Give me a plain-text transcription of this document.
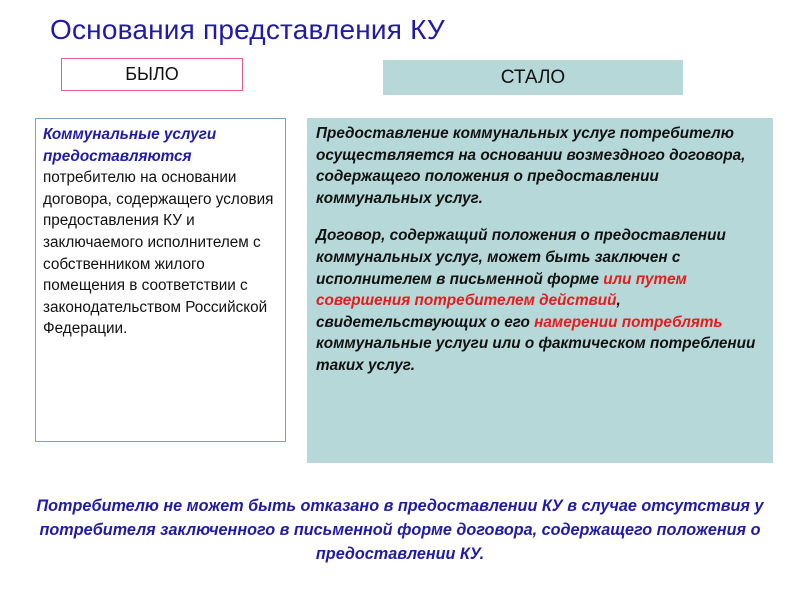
Основания представления КУ
БЫЛО	СТАЛО
Коммунальные услуги предоставляются потребителю на основании договора, содержащего условия предоставления КУ и заключаемого исполнителем с собственником жилого помещения в соответствии с законодательством Российской Федерации.

Предоставление коммунальных услуг потребителю осуществляется на основании возмездного договора, содержащего положения о предоставлении коммунальных услуг.

Договор, содержащий положения о предоставлении коммунальных услуг, может быть заключен с исполнителем в письменной форме или путем совершения потребителем действий, свидетельствующих о его намерении потреблять коммунальные услуги или о фактическом потреблении таких услуг.

Потребителю не может быть отказано в предоставлении КУ в случае отсутствия у потребителя заключенного в письменной форме договора, содержащего положения о предоставлении КУ.
